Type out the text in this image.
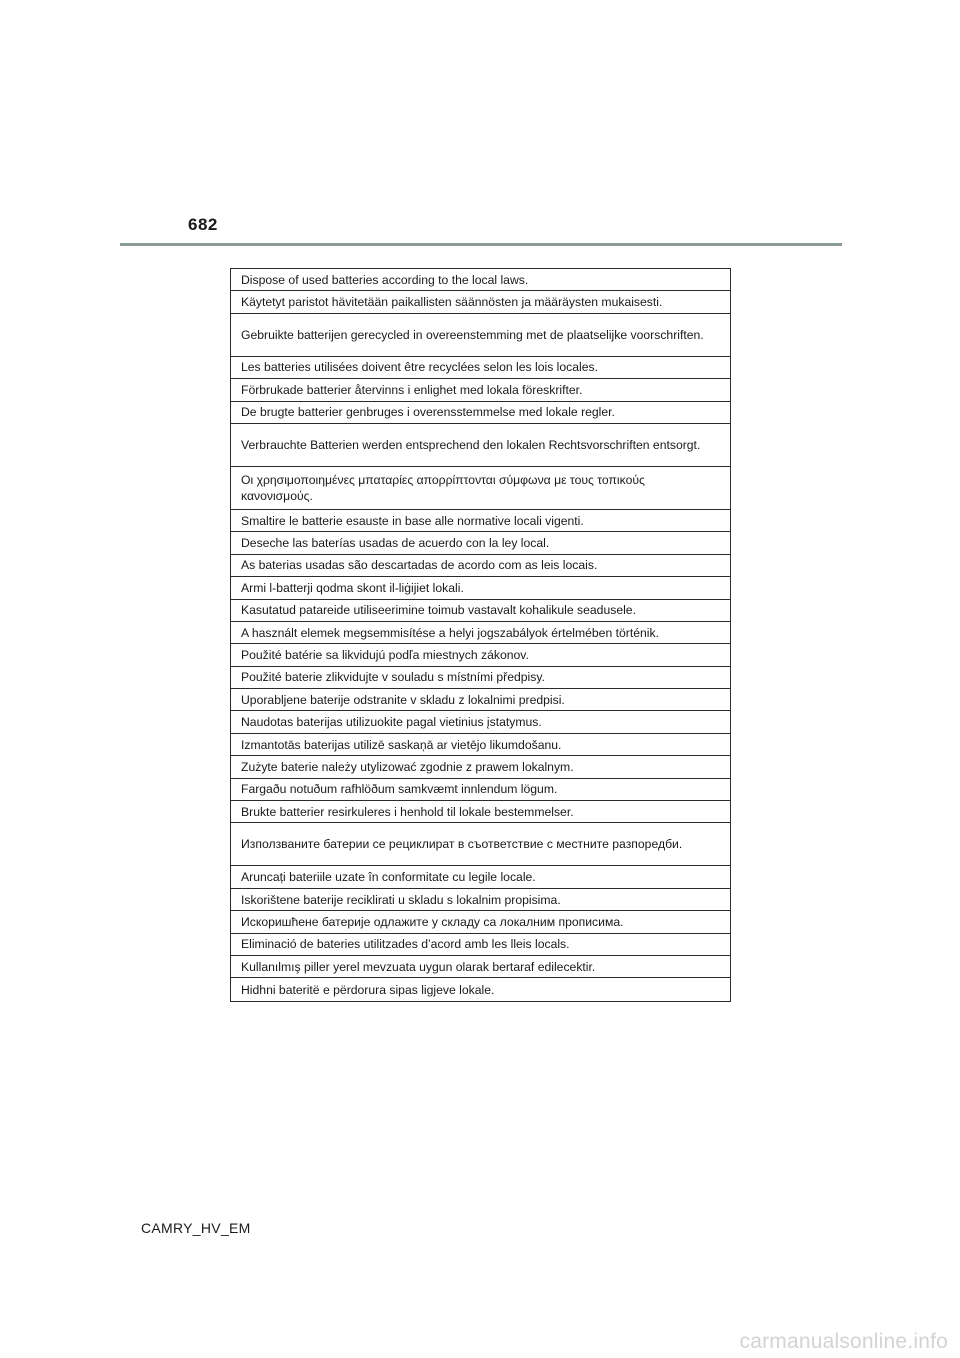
682
Dispose of used batteries according to the local laws.
Käytetyt paristot hävitetään paikallisten säännösten ja määräysten mukaisesti.
Gebruikte batterijen gerecycled in overeenstemming met de plaatselijke voorschriften.
Les batteries utilisées doivent être recyclées selon les lois locales.
Förbrukade batterier återvinns i enlighet med lokala föreskrifter.
De brugte batterier genbruges i overensstemmelse med lokale regler.
Verbrauchte Batterien werden entsprechend den lokalen Rechtsvorschriften entsorgt.
Οι χρησιμοποιημένες μπαταρίες απορρίπτονται σύμφωνα με τους τοπικούς κανονισμούς.
Smaltire le batterie esauste in base alle normative locali vigenti.
Deseche las baterías usadas de acuerdo con la ley local.
As baterias usadas são descartadas de acordo com as leis locais.
Armi l-batterji qodma skont il-liġijiet lokali.
Kasutatud patareide utiliseerimine toimub vastavalt kohalikule seadusele.
A használt elemek megsemmisítése a helyi jogszabályok értelmében történik.
Použité batérie sa likvidujú podľa miestnych zákonov.
Použité baterie zlikvidujte v souladu s místními předpisy.
Uporabljene baterije odstranite v skladu z lokalnimi predpisi.
Naudotas baterijas utilizuokite pagal vietinius įstatymus.
Izmantotās baterijas utilizē saskaņā ar vietējo likumdošanu.
Zużyte baterie należy utylizować zgodnie z prawem lokalnym.
Fargaðu notuðum rafhlöðum samkvæmt innlendum lögum.
Brukte batterier resirkuleres i henhold til lokale bestemmelser.
Използваните батерии се рециклират в съответствие с местните разпоредби.
Aruncați bateriile uzate în conformitate cu legile locale.
Iskorištene baterije reciklirati u skladu s lokalnim propisima.
Искоришћене батерије одлажите у складу са локалним прописима.
Eliminació de bateries utilitzades d’acord amb les lleis locals.
Kullanılmış piller yerel mevzuata uygun olarak bertaraf edilecektir.
Hidhni bateritë e përdorura sipas ligjeve lokale.
CAMRY_HV_EM
carmanualsonline.info
